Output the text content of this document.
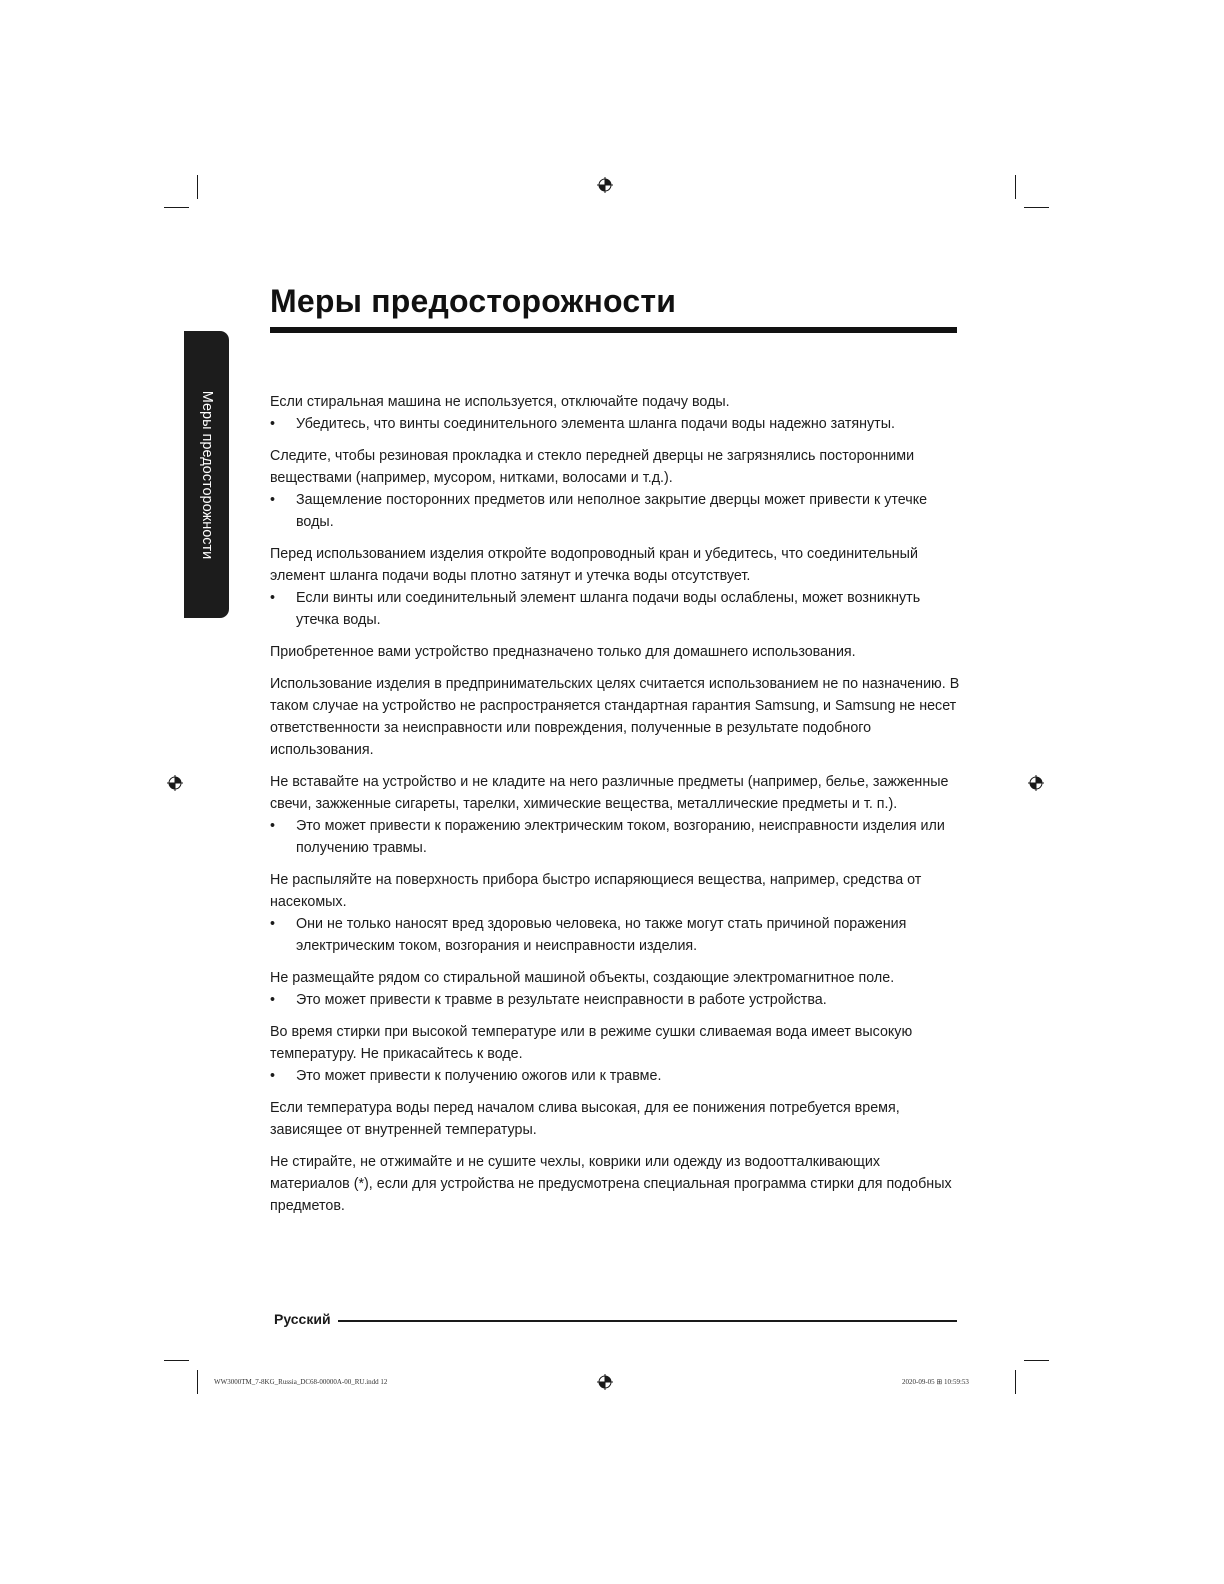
Меры предосторожности
Меры предосторожности

Если стиральная машина не используется, отключайте подачу воды.

• Убедитесь, что винты соединительного элемента шланга подачи воды надежно затянуты.

Следите, чтобы резиновая прокладка и стекло передней дверцы не загрязнялись посторонними веществами (например, мусором, нитками, волосами и т.д.).

• Защемление посторонних предметов или неполное закрытие дверцы может привести к утечке воды.

Перед использованием изделия откройте водопроводный кран и убедитесь, что соединительный элемент шланга подачи воды плотно затянут и утечка воды отсутствует.

• Если винты или соединительный элемент шланга подачи воды ослаблены, может возникнуть утечка воды.

Приобретенное вами устройство предназначено только для домашнего использования.

Использование изделия в предпринимательских целях считается использованием не по назначению. В таком случае на устройство не распространяется стандартная гарантия Samsung, и Samsung не несет ответственности за неисправности или повреждения, полученные в результате подобного использования.

Не вставайте на устройство и не кладите на него различные предметы (например, белье, зажженные свечи, зажженные сигареты, тарелки, химические вещества, металлические предметы и т. п.).

• Это может привести к поражению электрическим током, возгоранию, неисправности изделия или получению травмы.

Не распыляйте на поверхность прибора быстро испаряющиеся вещества, например, средства от насекомых.

• Они не только наносят вред здоровью человека, но также могут стать причиной поражения электрическим током, возгорания и неисправности изделия.

Не размещайте рядом со стиральной машиной объекты, создающие электромагнитное поле.

• Это может привести к травме в результате неисправности в работе устройства.

Во время стирки при высокой температуре или в режиме сушки сливаемая вода имеет высокую температуру. Не прикасайтесь к воде.

• Это может привести к получению ожогов или к травме.

Если температура воды перед началом слива высокая, для ее понижения потребуется время, зависящее от внутренней температуры.

Не стирайте, не отжимайте и не сушите чехлы, коврики или одежду из водоотталкивающих материалов (*), если для устройства не предусмотрена специальная программа стирки для подобных предметов.

Русский
WW3000TM_7-8KG_Russia_DC68-00000A-00_RU.indd 12	2020-09-05 ⊞ 10:59:53
